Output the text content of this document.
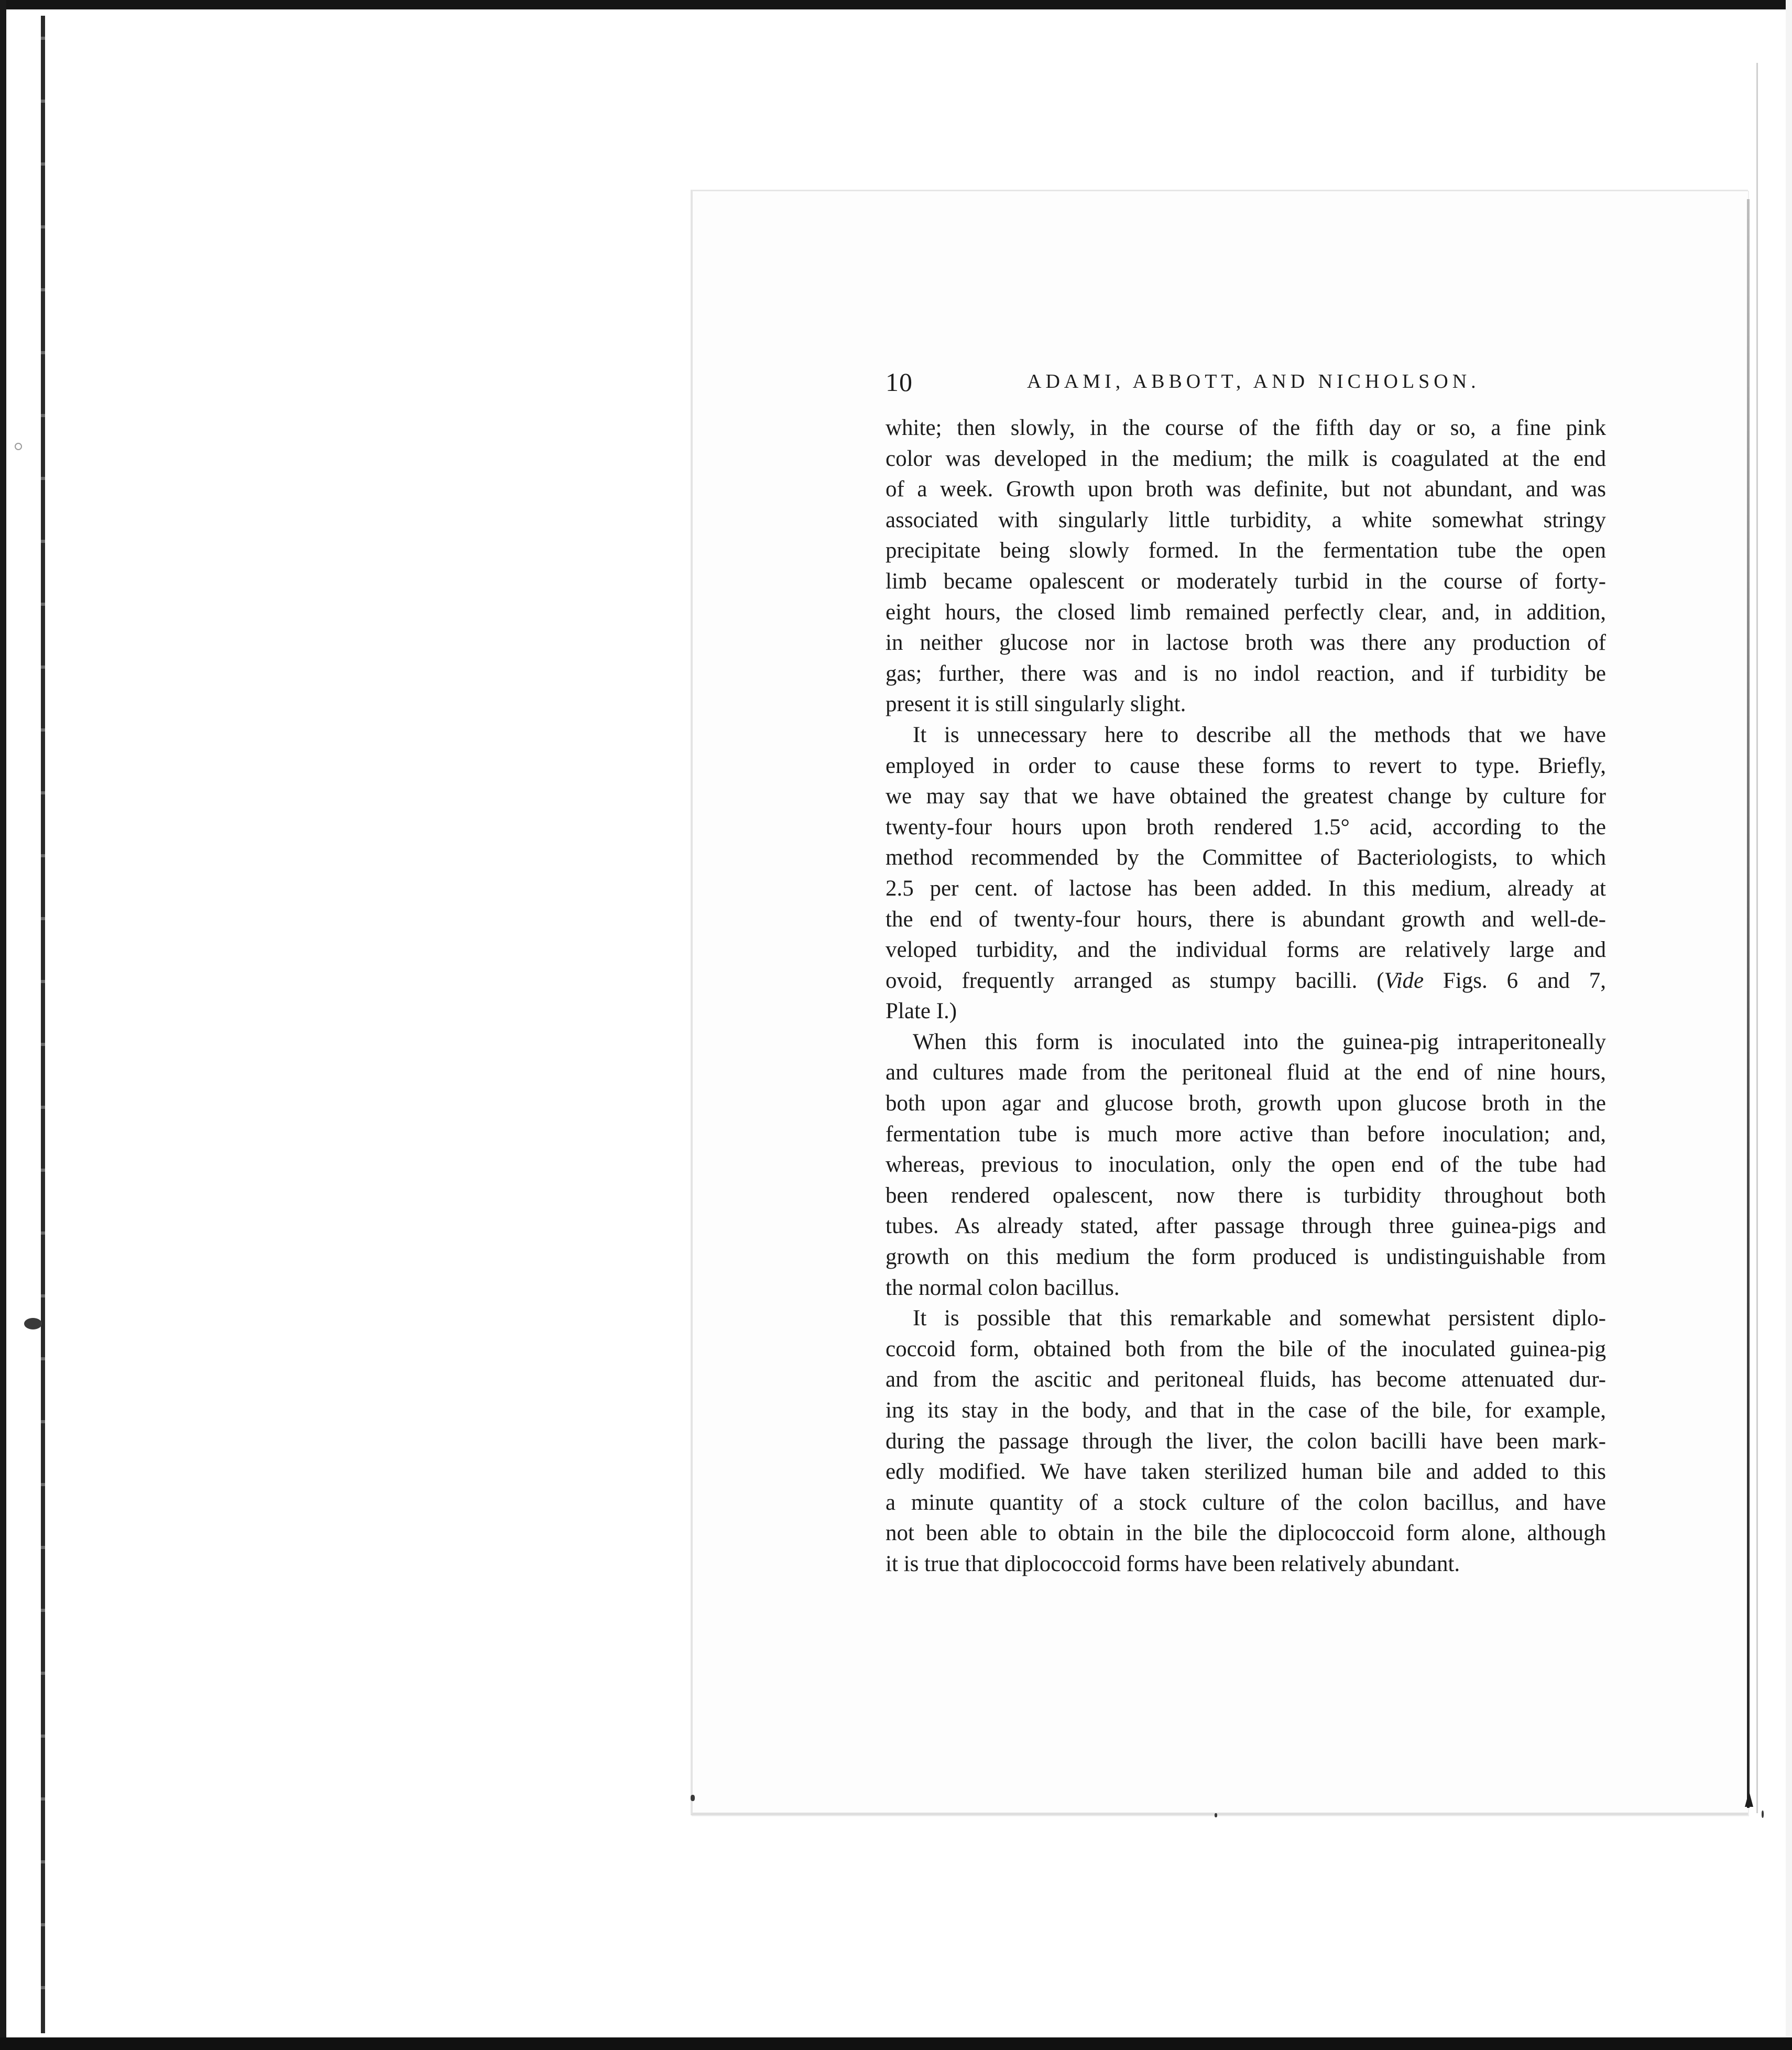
10	ADAMI, ABBOTT, AND NICHOLSON.
white; then slowly, in the course of the fifth day or so, a fine pink
color was developed in the medium; the milk is coagulated at the end
of a week. Growth upon broth was definite, but not abundant, and was
associated with singularly little turbidity, a white somewhat stringy
precipitate being slowly formed. In the fermentation tube the open
limb became opalescent or moderately turbid in the course of forty-
eight hours, the closed limb remained perfectly clear, and, in addition,
in neither glucose nor in lactose broth was there any production of
gas; further, there was and is no indol reaction, and if turbidity be
present it is still singularly slight.
It is unnecessary here to describe all the methods that we have
employed in order to cause these forms to revert to type. Briefly,
we may say that we have obtained the greatest change by culture for
twenty-four hours upon broth rendered 1.5° acid, according to the
method recommended by the Committee of Bacteriologists, to which
2.5 per cent. of lactose has been added. In this medium, already at
the end of twenty-four hours, there is abundant growth and well-de-
veloped turbidity, and the individual forms are relatively large and
ovoid, frequently arranged as stumpy bacilli. (Vide Figs. 6 and 7,
Plate I.)
When this form is inoculated into the guinea-pig intraperitoneally
and cultures made from the peritoneal fluid at the end of nine hours,
both upon agar and glucose broth, growth upon glucose broth in the
fermentation tube is much more active than before inoculation; and,
whereas, previous to inoculation, only the open end of the tube had
been rendered opalescent, now there is turbidity throughout both
tubes. As already stated, after passage through three guinea-pigs and
growth on this medium the form produced is undistinguishable from
the normal colon bacillus.
It is possible that this remarkable and somewhat persistent diplo-
coccoid form, obtained both from the bile of the inoculated guinea-pig
and from the ascitic and peritoneal fluids, has become attenuated dur-
ing its stay in the body, and that in the case of the bile, for example,
during the passage through the liver, the colon bacilli have been mark-
edly modified. We have taken sterilized human bile and added to this
a minute quantity of a stock culture of the colon bacillus, and have
not been able to obtain in the bile the diplococcoid form alone, although
it is true that diplococcoid forms have been relatively abundant.
